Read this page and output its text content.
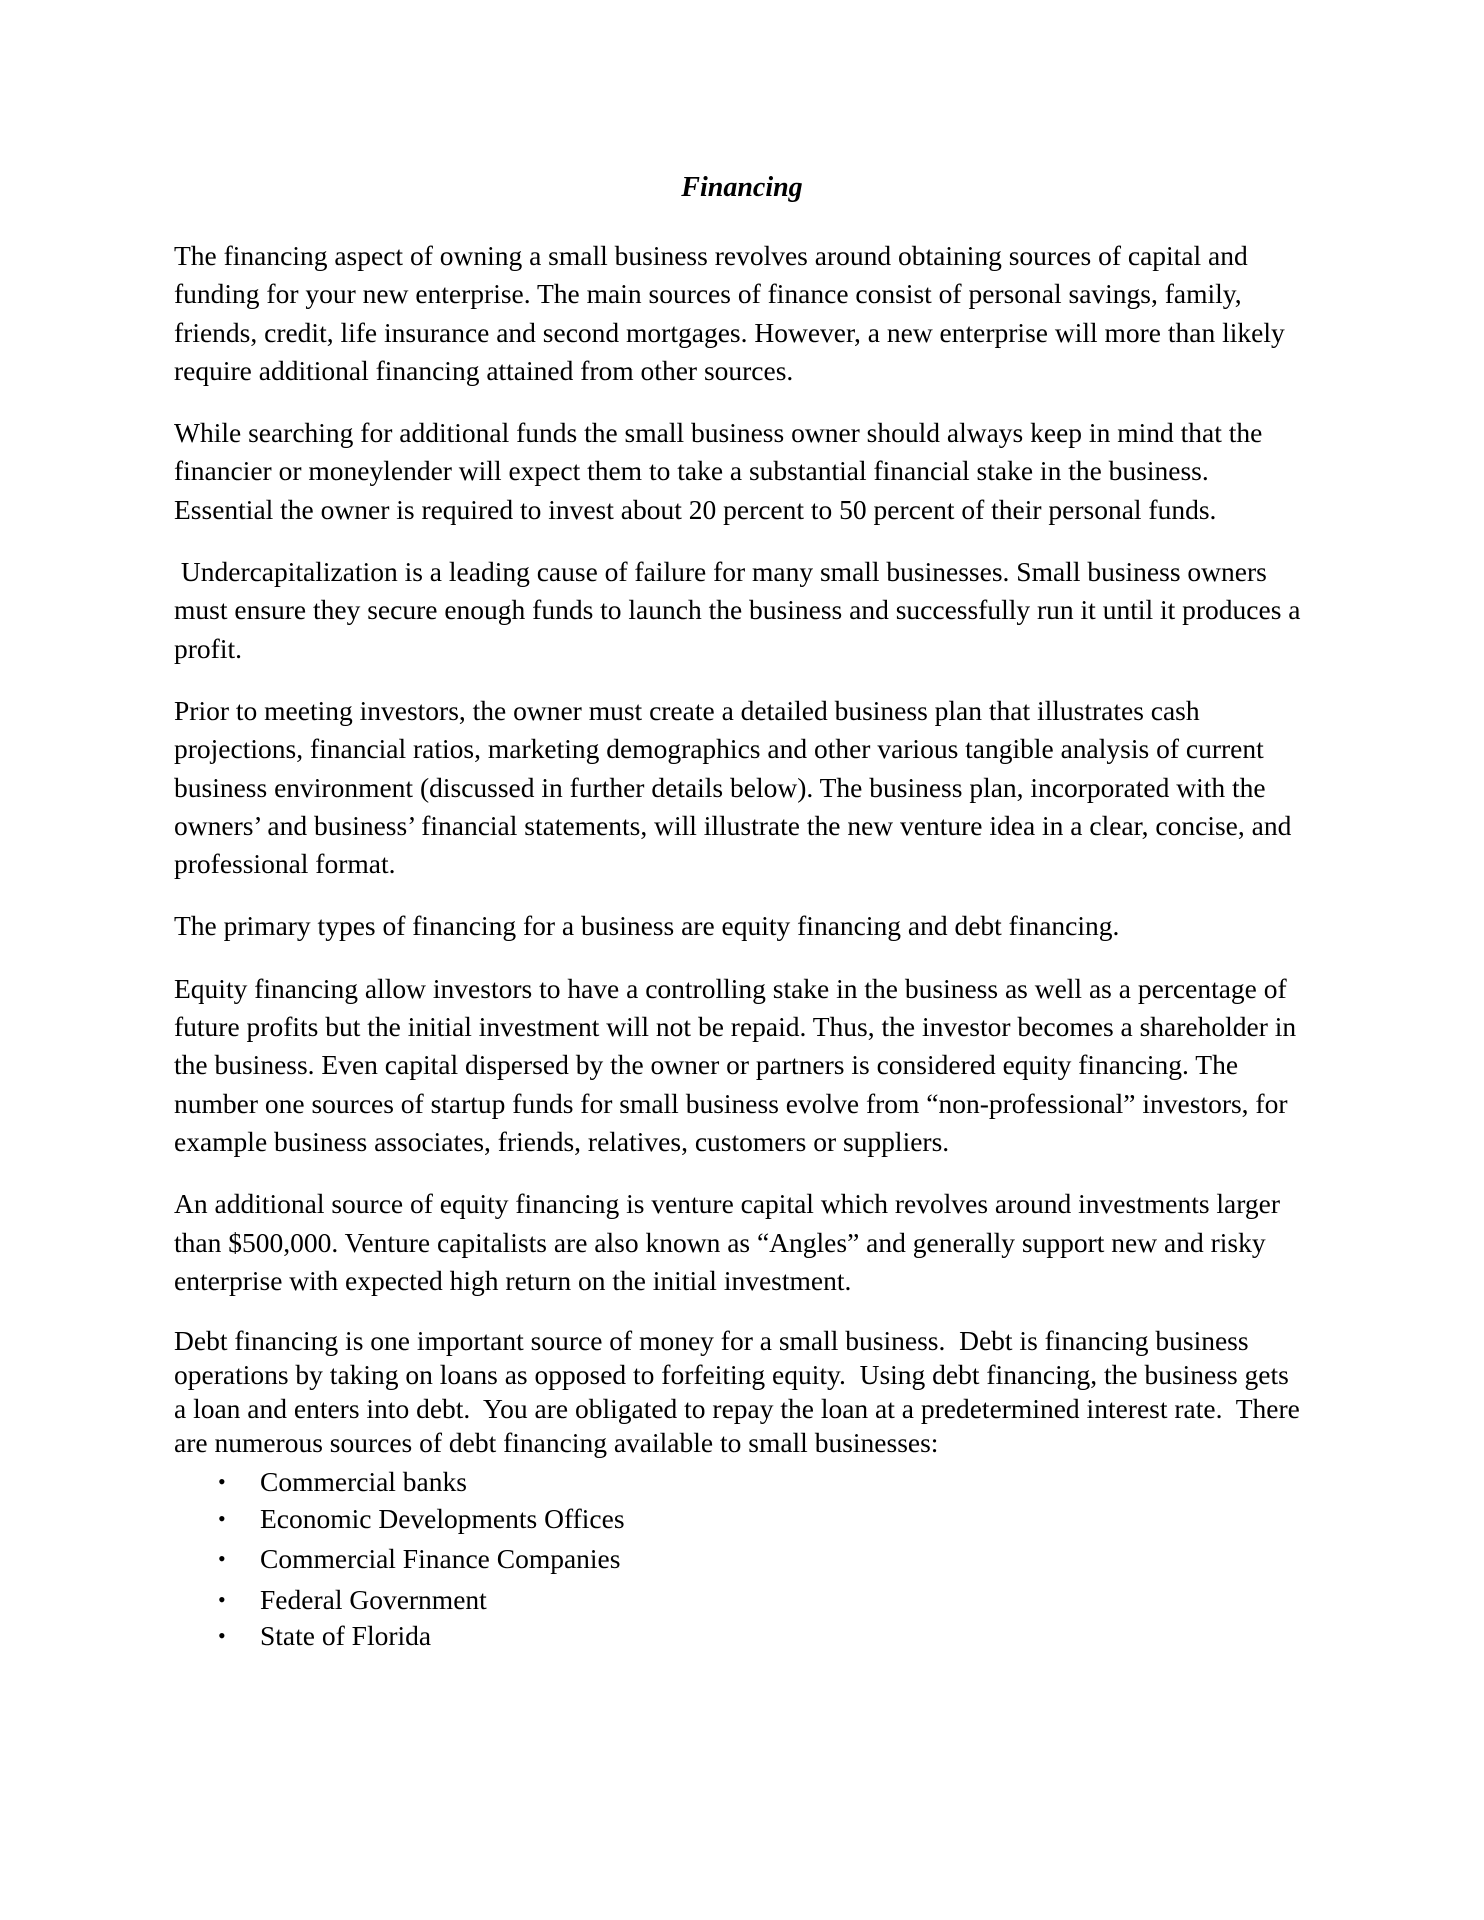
Financing

The financing aspect of owning a small business revolves around obtaining sources of capital and funding for your new enterprise. The main sources of finance consist of personal savings, family, friends, credit, life insurance and second mortgages. However, a new enterprise will more than likely require additional financing attained from other sources.

While searching for additional funds the small business owner should always keep in mind that the financier or moneylender will expect them to take a substantial financial stake in the business. Essential the owner is required to invest about 20 percent to 50 percent of their personal funds.

Undercapitalization is a leading cause of failure for many small businesses. Small business owners must ensure they secure enough funds to launch the business and successfully run it until it produces a profit.

Prior to meeting investors, the owner must create a detailed business plan that illustrates cash projections, financial ratios, marketing demographics and other various tangible analysis of current business environment (discussed in further details below). The business plan, incorporated with the owners’ and business’ financial statements, will illustrate the new venture idea in a clear, concise, and professional format.

The primary types of financing for a business are equity financing and debt financing.

Equity financing allow investors to have a controlling stake in the business as well as a percentage of future profits but the initial investment will not be repaid. Thus, the investor becomes a shareholder in the business. Even capital dispersed by the owner or partners is considered equity financing. The number one sources of startup funds for small business evolve from “non-professional” investors, for example business associates, friends, relatives, customers or suppliers.

An additional source of equity financing is venture capital which revolves around investments larger than $500,000. Venture capitalists are also known as “Angles” and generally support new and risky enterprise with expected high return on the initial investment.

Debt financing is one important source of money for a small business.  Debt is financing business operations by taking on loans as opposed to forfeiting equity.  Using debt financing, the business gets a loan and enters into debt.  You are obligated to repay the loan at a predetermined interest rate.  There are numerous sources of debt financing available to small businesses:

• Commercial banks
• Economic Developments Offices
• Commercial Finance Companies
• Federal Government
• State of Florida
